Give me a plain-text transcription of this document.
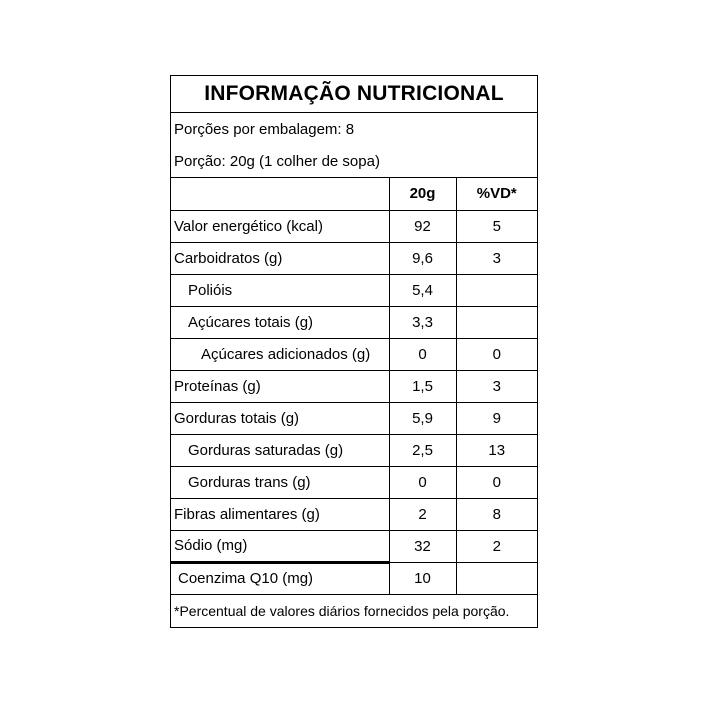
INFORMAÇÃO NUTRICIONAL
Porções por embalagem: 8
Porção: 20g (1 colher de sopa)
	20g	%VD*
Valor energético (kcal)	92	5
Carboidratos (g)	9,6	3
Polióis	5,4	
Açúcares totais (g)	3,3	
Açúcares adicionados (g)	0	0
Proteínas (g)	1,5	3
Gorduras totais (g)	5,9	9
Gorduras saturadas (g)	2,5	13
Gorduras trans (g)	0	0
Fibras alimentares (g)	2	8
Sódio (mg)	32	2
Coenzima Q10 (mg)	10	
*Percentual de valores diários fornecidos pela porção.
